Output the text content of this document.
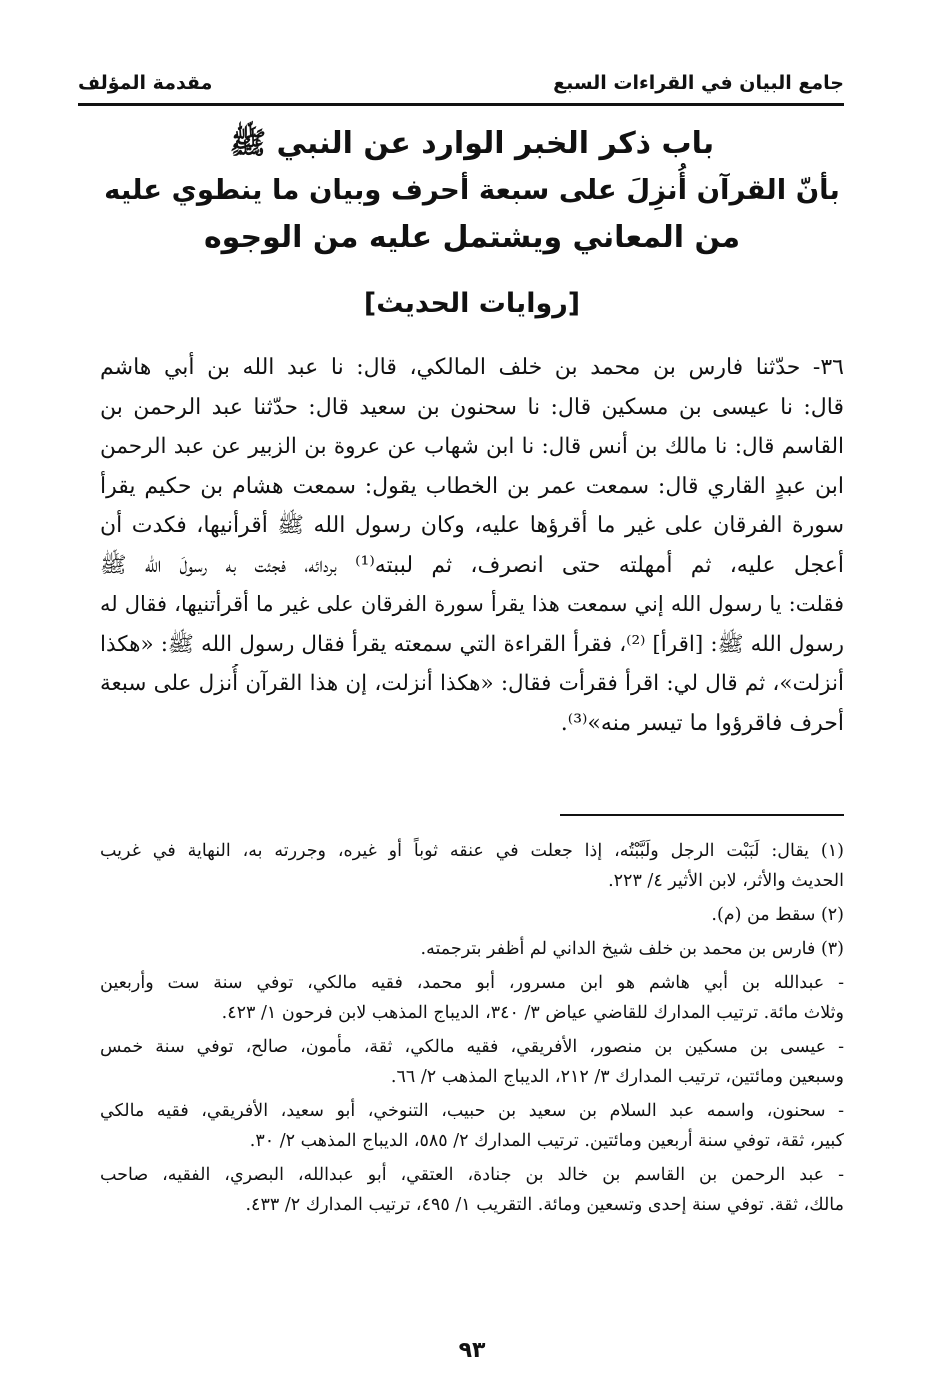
جامع البيان في القراءات السبع
مقدمة المؤلف
باب ذكر الخبر الوارد عن النبي ﷺ
بأنّ القرآن أُنزِلَ على سبعة أحرف وبيان ما ينطوي عليه
من المعاني ويشتمل عليه من الوجوه
[روايات الحديث]
٣٦- حدّثنا فارس بن محمد بن خلف المالكي، قال: نا عبد الله بن أبي هاشم
قال: نا عيسى بن مسكين قال: نا سحنون بن سعيد قال: حدّثنا عبد الرحمن بن
القاسم قال: نا مالك بن أنس قال: نا ابن شهاب عن عروة بن الزبير عن عبد الرحمن
ابن عبدٍ القاري قال: سمعت عمر بن الخطاب يقول: سمعت هشام بن حكيم يقرأ
سورة الفرقان على غير ما أقرؤها عليه، وكان رسول الله ﷺ أقرأنيها، فكدت أن
أعجل عليه، ثم أمهلته حتى انصرف، ثم لببته⁽¹⁾ بردائه، فجئت به رسولَ الله ﷺ
فقلت: يا رسول الله إني سمعت هذا يقرأ سورة الفرقان على غير ما أقرأتنيها، فقال له
رسول الله ﷺ: [اقرأ] ⁽²⁾، فقرأ القراءة التي سمعته يقرأ فقال رسول الله ﷺ: «هكذا
أنزلت»، ثم قال لي: اقرأ فقرأت فقال: «هكذا أنزلت، إن هذا القرآن أُنزل على سبعة
أحرف فاقرؤوا ما تيسر منه»⁽³⁾.
(١) يقال: لَبَبْت الرجل ولَبَّبْتُه، إذا جعلت في عنقه ثوباً أو غيره، وجررته به، النهاية في غريب
الحديث والأثر، لابن الأثير ٤/ ٢٢٣.
(٢) سقط من (م).
(٣) فارس بن محمد بن خلف شيخ الداني لم أظفر بترجمته.
- عبدالله بن أبي هاشم هو ابن مسرور، أبو محمد، فقيه مالكي، توفي سنة ست وأربعين
وثلاث مائة. ترتيب المدارك للقاضي عياض ٣/ ٣٤٠، الديباج المذهب لابن فرحون ١/ ٤٢٣.
- عيسى بن مسكين بن منصور، الأفريقي، فقيه مالكي، ثقة، مأمون، صالح، توفي سنة خمس
وسبعين ومائتين، ترتيب المدارك ٣/ ٢١٢، الديباج المذهب ٢/ ٦٦.
- سحنون، واسمه عبد السلام بن سعيد بن حبيب، التنوخي، أبو سعيد، الأفريقي، فقيه مالكي
كبير، ثقة، توفي سنة أربعين ومائتين. ترتيب المدارك ٢/ ٥٨٥، الديباج المذهب ٢/ ٣٠.
- عبد الرحمن بن القاسم بن خالد بن جنادة، العتقي، أبو عبدالله، البصري، الفقيه، صاحب
مالك، ثقة. توفي سنة إحدى وتسعين ومائة. التقريب ١/ ٤٩٥، ترتيب المدارك ٢/ ٤٣٣.
٩٣
